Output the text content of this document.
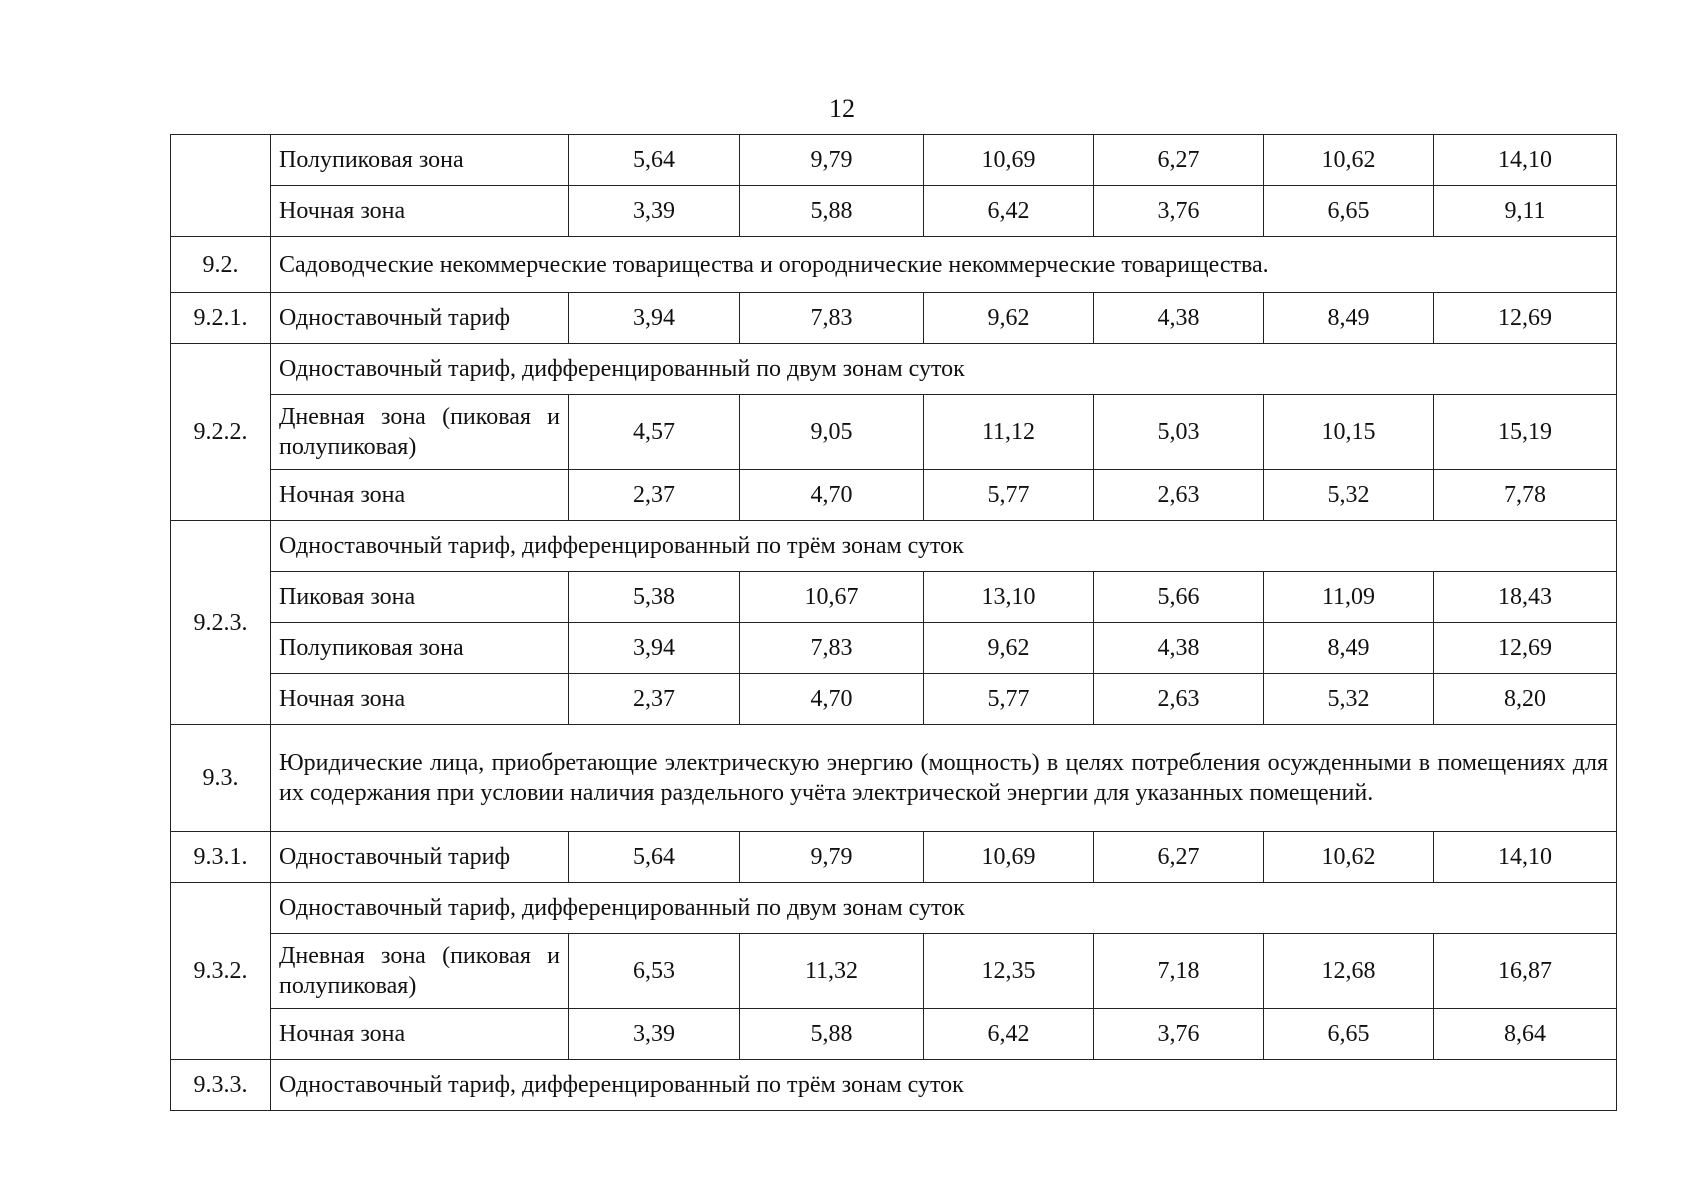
12
	Полупиковая зона	5,64	9,79	10,69	6,27	10,62	14,10
	Ночная зона	3,39	5,88	6,42	3,76	6,65	9,11
9.2.	Садоводческие некоммерческие товарищества и огороднические некоммерческие товарищества.						
9.2.1.	Одноставочный тариф	3,94	7,83	9,62	4,38	8,49	12,69
9.2.2.	Одноставочный тариф, дифференцированный по двум зонам суток						
	Дневная зона (пиковая и полупиковая)	4,57	9,05	11,12	5,03	10,15	15,19
	Ночная зона	2,37	4,70	5,77	2,63	5,32	7,78
9.2.3.	Одноставочный тариф, дифференцированный по трём зонам суток						
	Пиковая зона	5,38	10,67	13,10	5,66	11,09	18,43
	Полупиковая зона	3,94	7,83	9,62	4,38	8,49	12,69
	Ночная зона	2,37	4,70	5,77	2,63	5,32	8,20
9.3.	Юридические лица, приобретающие электрическую энергию (мощность) в целях потребления осужденными в помещениях для их содержания при условии наличия раздельного учёта электрической энергии для указанных помещений.						
9.3.1.	Одноставочный тариф	5,64	9,79	10,69	6,27	10,62	14,10
9.3.2.	Одноставочный тариф, дифференцированный по двум зонам суток						
	Дневная зона (пиковая и полупиковая)	6,53	11,32	12,35	7,18	12,68	16,87
	Ночная зона	3,39	5,88	6,42	3,76	6,65	8,64
9.3.3.	Одноставочный тариф, дифференцированный по трём зонам суток						
